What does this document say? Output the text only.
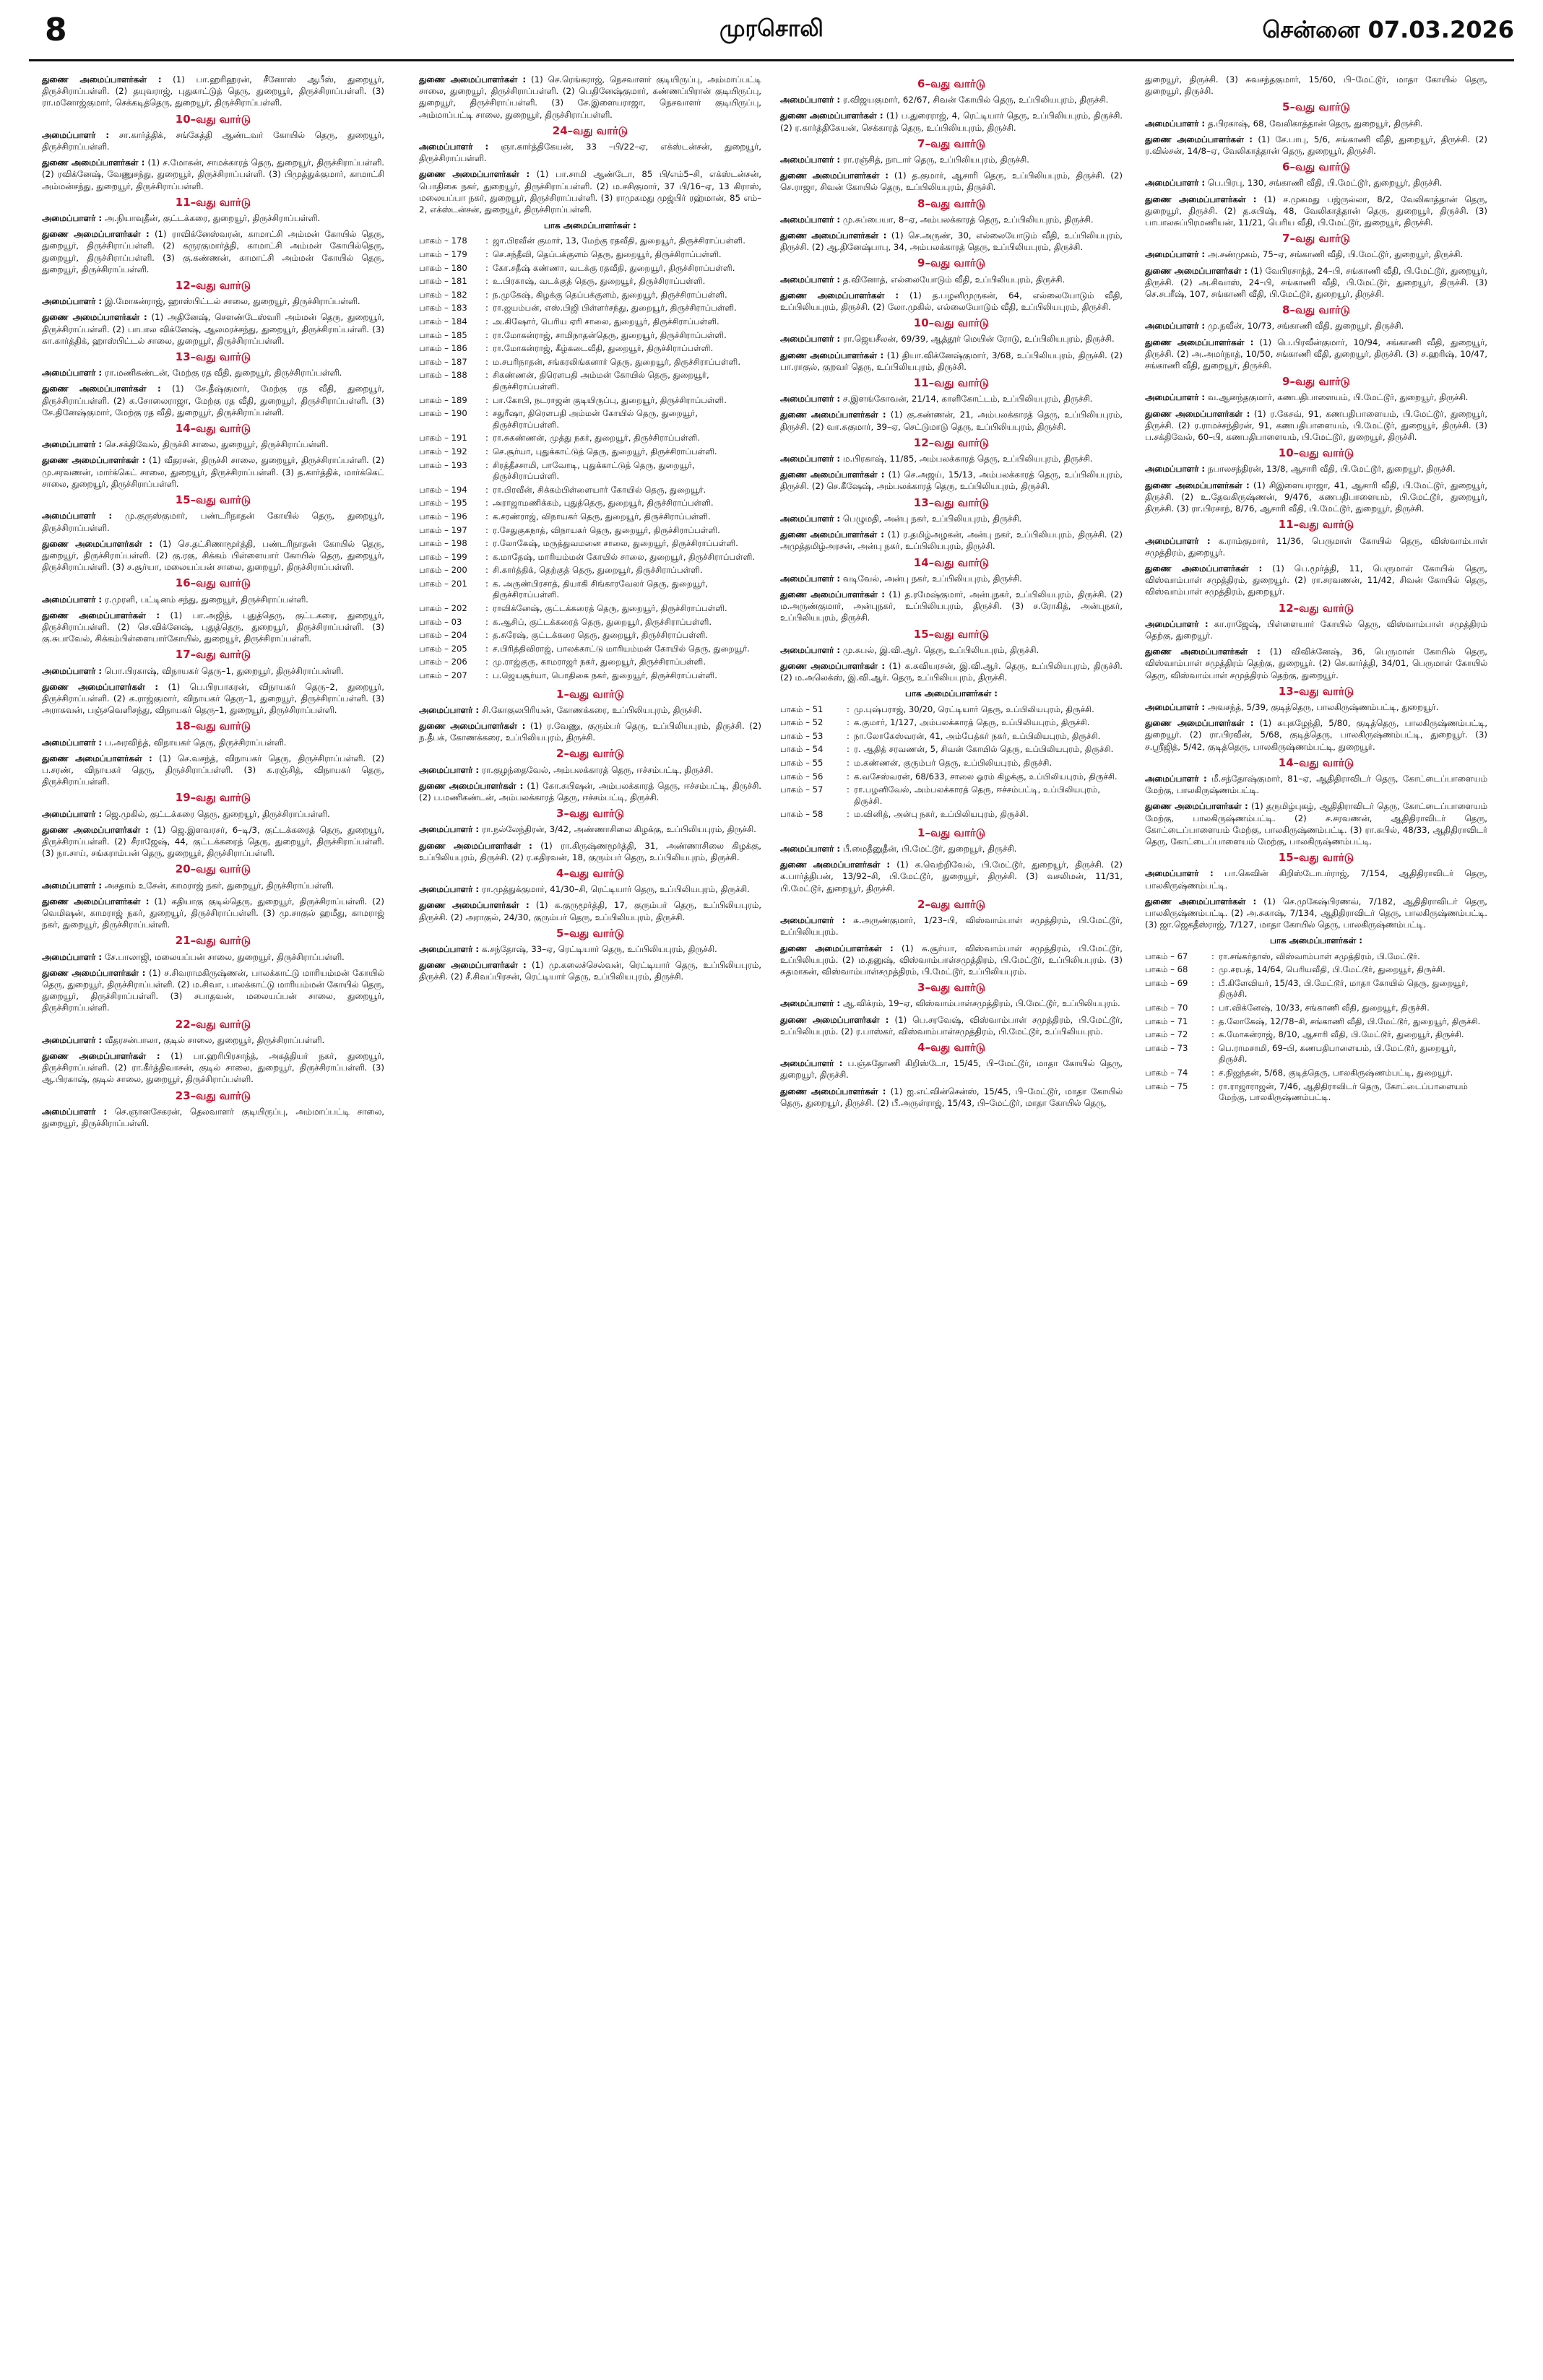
8	முரசொலி	சென்னை 07.03.2026

துணை அமைப்பாளர்கள் : (1) பா.ஹரிஹரன், சீனோஸ் ஆபீஸ், துறையூர், திருச்சிராப்பள்ளி. (2) தயுவராஜ், புதுகாட்டுத் தெரு, துறையூர், திருச்சிராப்பள்ளி. (3) ரா.மனோஜ்குமார், செக்கடித்தெரு, துறையூர், திருச்சிராப்பள்ளி.

10–வது வார்டு

அமைப்பாளர் : சா.கார்த்திக், சங்கேத்தி ஆண்டவர் கோயில் தெரு, துறையூர், திருச்சிராப்பள்ளி.

துணை அமைப்பாளர்கள் : (1) ச.மோகன், சாமக்காரத் தெரு, துறையூர், திருச்சிராப்பள்ளி. (2) ரவிக்னேஷ், வேணுசந்து, துறையூர், திருச்சிராப்பள்ளி. (3) பிமுத்துக்குமார், காமாட்சி அம்மன்சந்து, துறையூர், திருச்சிராப்பள்ளி.

11–வது வார்டு

அமைப்பாளர் : அ.நியாவுதீன், குட்டக்கரை, துறையூர், திருச்சிராப்பள்ளி.

துணை அமைப்பாளர்கள் : (1) ராவிக்னேஸ்வரன், காமாட்சி அம்மன் கோயில் தெரு, துறையூர், திருச்சிராப்பள்ளி. (2) கருரகுமார்த்தி, காமாட்சி அம்மன் கோயில்தெரு, துறையூர், திருச்சிராப்பள்ளி. (3) கு.கண்ணன், காமாட்சி அம்மன் கோயில் தெரு, துறையூர், திருச்சிராப்பள்ளி.

12–வது வார்டு

அமைப்பாளர் : இ.மோகன்ராஜ், ஹாஸ்பிட்டல் சாலை, துறையூர், திருச்சிராப்பள்ளி.

துணை அமைப்பாளர்கள் : (1) அதினேஷ், சௌண்டேஸ்வரி அம்மன் தெரு, துறையூர், திருச்சிராப்பள்ளி. (2) பாபால விக்னேஷ், ஆலமரச்சந்து, துறையூர், திருச்சிராப்பள்ளி. (3) கா.கார்த்திக், ஹாஸ்பிட்டல் சாலை, துறையூர், திருச்சிராப்பள்ளி.

13–வது வார்டு

அமைப்பாளர் : ரா.மணிகண்டன், மேற்கு ரத வீதி, துறையூர், திருச்சிராப்பள்ளி.

துணை அமைப்பாளர்கள் : (1) சே.தீஷ்குமார், மேற்கு ரத வீதி, துறையூர், திருச்சிராப்பள்ளி. (2) க.சோலைராஜா, மேற்கு ரத வீதி, துறையூர், திருச்சிராப்பள்ளி. (3) சே.தினேஷ்குமார், மேற்கு ரத வீதி, துறையூர், திருச்சிராப்பள்ளி.

14–வது வார்டு

அமைப்பாளர் : செ.சக்திவேல், திருச்சி சாலை, துறையூர், திருச்சிராப்பள்ளி.

துணை அமைப்பாளர்கள் : (1) வீதரசன், திருச்சி சாலை, துறையூர், திருச்சிராப்பள்ளி. (2) மு.சரவணன், மார்க்கெட் சாலை, துறையூர், திருச்சிராப்பள்ளி. (3) த.கார்த்திக், மார்க்கெட் சாலை, துறையூர், திருச்சிராப்பள்ளி.

15–வது வார்டு

அமைப்பாளர் : மு.குருஸ்குமார், பண்டரிநாதன் கோயில் தெரு, துறையூர், திருச்சிராப்பள்ளி.

துணை அமைப்பாளர்கள் : (1) செ.தட்சிணாமூர்த்தி, பண்டரிநாதன் கோயில் தெரு, துறையூர், திருச்சிராப்பள்ளி. (2) கு.ரகு, சிக்கம் பிள்ளையார் கோயில் தெரு, துறையூர், திருச்சிராப்பள்ளி. (3) ச.சூர்யா, மலையப்பன் சாலை, துறையூர், திருச்சிராப்பள்ளி.

16–வது வார்டு

அமைப்பாளர் : ர.முரளி, பட்டினம் சந்து, துறையூர், திருச்சிராப்பள்ளி.

துணை அமைப்பாளர்கள் : (1) பா.அஜித், புதுத்தெரு, குட்டகரை, துறையூர், திருச்சிராப்பள்ளி. (2) செ.விக்னேஷ், புதுத்தெரு, துறையூர், திருச்சிராப்பள்ளி. (3) கு.சுபாவேல், சிக்கம்பிள்ளையார்கோயில், துறையூர், திருச்சிராப்பள்ளி.

17–வது வார்டு

அமைப்பாளர் : பொ.பிரகாஷ், விநாயகர் தெரு–1, துறையூர், திருச்சிராப்பள்ளி.

துணை அமைப்பாளர்கள் : (1) பெ.பிரபாகரன், விநாயகர் தெரு–2, துறையூர், திருச்சிராப்பள்ளி. (2) க.ராஜ்குமார், விநாயகர் தெரு–1, துறையூர், திருச்சிராப்பள்ளி. (3) அராசுவன், பஞ்சவெளிசந்து, விநாயகர் தெரு–1, துறையூர், திருச்சிராப்பள்ளி.

18–வது வார்டு

அமைப்பாளர் : ப.அரவிந்த், விநாயகர் தெரு, திருச்சிராப்பள்ளி.

துணை அமைப்பாளர்கள் : (1) செ.வசந்த், விநாயகர் தெரு, திருச்சிராப்பள்ளி. (2) ப.சரண், விநாயகர் தெரு, திருச்சிராப்பள்ளி. (3) க.ரஞ்சித், விநாயகர் தெரு, திருச்சிராப்பள்ளி.

19–வது வார்டு

அமைப்பாளர் : ஜெ.முகில், குட்டக்கரை தெரு, துறையூர், திருச்சிராப்பள்ளி.

துணை அமைப்பாளர்கள் : (1) ஜெ.இளவரசர், 6–டி/3, குட்டக்கரைத் தெரு, துறையூர், திருச்சிராப்பள்ளி. (2) சீராஜேஷ், 44, குட்டக்கரைத் தெரு, துறையூர், திருச்சிராப்பள்ளி. (3) நா.சாய், சங்கராம்பன் தெரு, துறையூர், திருச்சிராப்பள்ளி.

20–வது வார்டு

அமைப்பாளர் : அசதாம் உசேன், காமராஜ் நகர், துறையூர், திருச்சிராப்பள்ளி.

துணை அமைப்பாளர்கள் : (1) கதியாகு குடில்தெரு, துறையூர், திருச்சிராப்பள்ளி. (2) வெமிஷன், காமராஜ் நகர், துறையூர், திருச்சிராப்பள்ளி. (3) மு.சாகுல் ஹமீது, காமராஜ் நகர், துறையூர், திருச்சிராப்பள்ளி.

21–வது வார்டு

அமைப்பாளர் : சே.பாலாஜி, மலையப்பன் சாலை, துறையூர், திருச்சிராப்பள்ளி.

துணை அமைப்பாளர்கள் : (1) ச.சிவராமகிருஷ்ணன், பாலக்காட்டு மாரியம்மன் கோயில் தெரு, துறையூர், திருச்சிராப்பள்ளி. (2) ம.சிவா, பாலக்காட்டு மாரியம்மன் கோயில் தெரு, துறையூர், திருச்சிராப்பள்ளி. (3) சபாதவன், மலையப்பன் சாலை, துறையூர், திருச்சிராப்பள்ளி.

22–வது வார்டு

அமைப்பாளர் : வீதரசன்பாலா, குடில் சாலை, துறையூர், திருச்சிராப்பள்ளி.

துணை அமைப்பாளர்கள் : (1) பா.ஹரிபிரசாந்த், அகத்தியர் நகர், துறையூர், திருச்சிராப்பள்ளி. (2) ரா.கீர்த்திவாசன், குடில் சாலை, துறையூர், திருச்சிராப்பள்ளி. (3) ஆ.பிரகாஷ், குடில் சாலை, துறையூர், திருச்சிராப்பள்ளி.

23–வது வார்டு

அமைப்பாளர் : செ.ஞானசேகரன், தெலவாளர் குடியிருப்பு, அம்மாப்பட்டி சாலை, துறையூர், திருச்சிராப்பள்ளி.

துணை அமைப்பாளர்கள் : (1) செ.ரெங்கராஜ், நெசவாளர் குடியிருப்பு, அம்மாப்பட்டி சாலை, துறையூர், திருச்சிராப்பள்ளி. (2) பெதினேஷ்குமார், கண்ணப்பிரான் குடியிருப்பு, துறையூர், திருச்சிராப்பள்ளி. (3) சே.இளையராஜா, நெசவாளர் குடியிருப்பு, அம்மாப்பட்டி சாலை, துறையூர், திருச்சிராப்பள்ளி.

24–வது வார்டு

அமைப்பாளர் : ஞா.கார்த்திகேயன், 33 –பி/22–ஏ, எக்ஸ்டன்சன், துறையூர், திருச்சிராப்பள்ளி.

துணை அமைப்பாளர்கள் : (1) பா.சாமி ஆண்டோ, 85 பி/எம்5–சி, எக்ஸ்டன்சன், பொதிகை நகர், துறையூர், திருச்சிராப்பள்ளி. (2) ம.சசிகுமார், 37 பி/16–ஏ, 13 கிராஸ், மலையப்பா நகர், துறையூர், திருச்சிராப்பள்ளி. (3) ராமுகமது முஜ்பிர் ரஹ்மான், 85 எம்–2, எக்ஸ்டன்சன், துறையூர், திருச்சிராப்பள்ளி.

பாக அமைப்பாளர்கள் :
பாகம் – 178	:	ஜா.பிரவீன் குமார், 13, மேற்கு ரதவீதி, துறையூர், திருச்சிராப்பள்ளி.
பாகம் – 179	:	செ.சந்தீவி, தெப்பக்குளம் தெரு, துறையூர், திருச்சிராப்பள்ளி.
பாகம் – 180	:	கோ.சதீஷ் கண்ணா, வடக்கு ரதவீதி, துறையூர், திருச்சிராப்பள்ளி.
பாகம் – 181	:	உ.பிரகாஷ், வடக்குத் தெரு, துறையூர், திருச்சிராப்பள்ளி.
பாகம் – 182	:	ந.முகேஷ், கிழக்கு தெப்பக்குளம், துறையூர், திருச்சிராப்பள்ளி.
பாகம் – 183	:	ரா.ஜயம்பன், எஸ்.பிஜி பிள்ளர்சந்து, துறையூர், திருச்சிராப்பள்ளி.
பாகம் – 184	:	அ.கிஷோர், பெரிய ஏரி சாலை, துறையூர், திருச்சிராப்பள்ளி.
பாகம் – 185	:	ரா.மோகன்ராஜ், சாமிநாதன்தெரு, துறையூர், திருச்சிராப்பள்ளி.
பாகம் – 186	:	ரா.மோகன்ராஜ், கீழ்கடைவீதி, துறையூர், திருச்சிராப்பள்ளி.
பாகம் – 187	:	ம.சபரிநாதன், சங்கரலிங்கனார் தெரு, துறையூர், திருச்சிராப்பள்ளி.
பாகம் – 188	:	சிகண்ணன், திரௌபதி அம்மன் கோயில் தெரு, துறையூர், திருச்சிராப்பள்ளி.
பாகம் – 189	:	பா.கோபி, நடராஜன் குடியிருப்பு, துறையூர், திருச்சிராப்பள்ளி.
பாகம் – 190	:	சதுரீஷா, திரௌபதி அம்மன் கோயில் தெரு, துறையூர், திருச்சிராப்பள்ளி.
பாகம் – 191	:	ரா.சுகண்ணன், முத்து நகர், துறையூர், திருச்சிராப்பள்ளி.
பாகம் – 192	:	செ.சூர்யா, புதுக்காட்டுத் தெரு, துறையூர், திருச்சிராப்பள்ளி.
பாகம் – 193	:	சிரத்தீசசாமி, பாவோடி, புதுக்காட்டுத் தெரு, துறையூர், திருச்சிராப்பள்ளி.
பாகம் – 194	:	ரா.பிரவீன், சிக்கம்பிள்ளையார் கோயில் தெரு, துறையூர்.
பாகம் – 195	:	அராஜாமணிக்கம், புதுத்தெரு, துறையூர், திருச்சிராப்பள்ளி.
பாகம் – 196	:	க.சரண்ராஜ், விநாயகர் தெரு, துறையூர், திருச்சிராப்பள்ளி.
பாகம் – 197	:	ர.சேதுகுகநாத், விநாயகர் தெரு, துறையூர், திருச்சிராப்பள்ளி.
பாகம் – 198	:	ர.லோகேஷ், மருத்துவமனை சாலை, துறையூர், திருச்சிராப்பள்ளி.
பாகம் – 199	:	க.மாதேஷ், மாரியம்மன் கோயில் சாலை, துறையூர், திருச்சிராப்பள்ளி.
பாகம் – 200	:	சி.கார்த்திக், தெற்குத் தெரு, துறையூர், திருச்சிராப்பள்ளி.
பாகம் – 201	:	க. அருண்பிரசாத், தியாகி சிங்காரவேலர் தெரு, துறையூர், திருச்சிராப்பள்ளி.
பாகம் – 202	:	ராவிக்னேஷ், குட்டக்கரைத் தெரு, துறையூர், திருச்சிராப்பள்ளி.
பாகம் – 03	:	க.ஆசிப், குட்டக்கரைத் தெரு, துறையூர், திருச்சிராப்பள்ளி.
பாகம் – 204	:	த.சுரேஷ், குட்டக்கரை தெரு, துறையூர், திருச்சிராப்பள்ளி.
பாகம் – 205	:	ச.பிரித்திவிராஜ், பாலக்காட்டு மாரியம்மன் கோயில் தெரு, துறையூர்.
பாகம் – 206	:	மு.ராஜ்குரு, காமராஜர் நகர், துறையூர், திருச்சிராப்பள்ளி.
பாகம் – 207	:	ப.ஜெயசூர்யா, பொதிகை நகர், துறையூர், திருச்சிராப்பள்ளி.
1–வது வார்டு

அமைப்பாளர் : சி.கோகுலபிரியன், கோணக்கரை, உப்பிலியபுரம், திருச்சி.

துணை அமைப்பாளர்கள் : (1) ர.வேணு, குரும்பர் தெரு, உப்பிலியபுரம், திருச்சி. (2) ந.தீபக், கோணக்கரை, உப்பிலியபுரம், திருச்சி.

2–வது வார்டு

அமைப்பாளர் : ரா.குழந்தைவேல், அம்பலக்காரத் தெரு, ஈச்சம்பட்டி, திருச்சி.

துணை அமைப்பாளர்கள் : (1) கோ.சுபிஷன், அம்பலக்காரத் தெரு, ஈச்சம்பட்டி, திருச்சி. (2) ப.மணிகண்டன், அம்பலக்காரத் தெரு, ஈச்சம்பட்டி, திருச்சி.

3–வது வார்டு

அமைப்பாளர் : ரா.நல்லேந்திரன், 3/42, அண்ணாசிலை கிழக்கு, உப்பிலியபுரம், திருச்சி.

துணை அமைப்பாளர்கள் : (1) ரா.கிருஷ்ணமூர்த்தி, 31, அண்ணாசிலை கிழக்கு, உப்பிலியபுரம், திருச்சி. (2) ர.கதிரவன், 18, குரும்பர் தெரு, உப்பிலியபுரம், திருச்சி.

4–வது வார்டு

அமைப்பாளர் : ரா.முத்துக்குமார், 41/30–சி, ரெட்டியார் தெரு, உப்பிலியபுரம், திருச்சி.

துணை அமைப்பாளர்கள் : (1) க.குருமூர்த்தி, 17, குரும்பர் தெரு, உப்பிலியபுரம், திருச்சி. (2) அராகுல், 24/30, குரும்பர் தெரு, உப்பிலியபுரம், திருச்சி.

5–வது வார்டு

அமைப்பாளர் : க.சந்தோஷ், 33–ஏ, ரெட்டியார் தெரு, உப்பிலியபுரம், திருச்சி.

துணை அமைப்பாளர்கள் : (1) மு.கலைச்செல்வன், ரெட்டியார் தெரு, உப்பிலியபுரம், திருச்சி. (2) சீ.சிவப்பிரசன், ரெட்டியார் தெரு, உப்பிலியபுரம், திருச்சி.

6–வது வார்டு

அமைப்பாளர் : ர.விஜயகுமார், 62/67, சிவன் கோயில் தெரு, உப்பிலியபுரம், திருச்சி.

துணை அமைப்பாளர்கள் : (1) ப.துரைராஜ், 4, ரெட்டியார் தெரு, உப்பிலியபுரம், திருச்சி. (2) ர.கார்த்திகேயன், செக்காரத் தெரு, உப்பிலியபுரம், திருச்சி.

7–வது வார்டு

அமைப்பாளர் : ரா.ரஞ்சித், நாடார் தெரு, உப்பிலியபுரம், திருச்சி.

துணை அமைப்பாளர்கள் : (1) த.குமார், ஆசாரி தெரு, உப்பிலியபுரம், திருச்சி. (2) செ.ராஜா, சிவன் கோயில் தெரு, உப்பிலியபுரம், திருச்சி.

8–வது வார்டு

அமைப்பாளர் : மு.சுப்பையா, 8–ஏ, அம்பலக்காரத் தெரு, உப்பிலியபுரம், திருச்சி.

துணை அமைப்பாளர்கள் : (1) செ.அருண், 30, எல்லையோடும் வீதி, உப்பிலியபுரம், திருச்சி. (2) ஆ.தினேஷ்பாபு, 34, அம்பலக்காரத் தெரு, உப்பிலியபுரம், திருச்சி.

9–வது வார்டு

அமைப்பாளர் : த.வினோத், எல்லையோடும் வீதி, உப்பிலியபுரம், திருச்சி.

துணை அமைப்பாளர்கள் : (1) த.பழனிமுருகன், 64, எல்லையோடும் வீதி, உப்பிலியபுரம், திருச்சி. (2) லோ.முகில், எல்லையோடும் வீதி, உப்பிலியபுரம், திருச்சி.

10–வது வார்டு

அமைப்பாளர் : ரா.ஜெயசீலன், 69/39, ஆத்தூர் மெயின் ரோடு, உப்பிலியபுரம், திருச்சி.

துணை அமைப்பாளர்கள் : (1) தியா.விக்னேஷ்குமார், 3/68, உப்பிலியபுரம், திருச்சி. (2) பா.ராகுல், குறவர் தெரு, உப்பிலியபுரம், திருச்சி.

11–வது வார்டு

அமைப்பாளர் : ச.இளங்கோவன், 21/14, காளிகோட்டம், உப்பிலியபுரம், திருச்சி.

துணை அமைப்பாளர்கள் : (1) கு.கண்ணன், 21, அம்பலக்காரத் தெரு, உப்பிலியபுரம், திருச்சி. (2) வா.சுகுமார், 39–ஏ, செட்டுமாடு தெரு, உப்பிலியபுரம், திருச்சி.

12–வது வார்டு

அமைப்பாளர் : ம.பிரகாஷ், 11/85, அம்பலக்காரத் தெரு, உப்பிலியபுரம், திருச்சி.

துணை அமைப்பாளர்கள் : (1) செ.அஜய், 15/13, அம்பலக்காரத் தெரு, உப்பிலியபுரம், திருச்சி. (2) செ.கீஷேஷ், அம்பலக்காரத் தெரு, உப்பிலியபுரம், திருச்சி.

13–வது வார்டு

அமைப்பாளர் : பெழுமதி, அன்பு நகர், உப்பிலியபுரம், திருச்சி.

துணை அமைப்பாளர்கள் : (1) ர.தமிழ்அழகன், அன்பு நகர், உப்பிலியபுரம், திருச்சி. (2) அமுத்தமிழ்அரசன், அன்பு நகர், உப்பிலியபுரம், திருச்சி.

14–வது வார்டு

அமைப்பாளர் : வடிவேல், அன்பு நகர், உப்பிலியபுரம், திருச்சி.

துணை அமைப்பாளர்கள் : (1) த.ரமேஷ்குமார், அன்புநகர், உப்பிலியபுரம், திருச்சி. (2) ம.அருண்குமார், அன்புநகர், உப்பிலியபுரம், திருச்சி. (3) ச.ரோகித், அன்புநகர், உப்பிலியபுரம், திருச்சி.

15–வது வார்டு

அமைப்பாளர் : மு.சுபல், இ.வி.ஆர். தெரு, உப்பிலியபுரம், திருச்சி.

துணை அமைப்பாளர்கள் : (1) க.சுவியரசன், இ.வி.ஆர். தெரு, உப்பிலியபுரம், திருச்சி. (2) ம.அலெக்ஸ், இ.வி.ஆர். தெரு, உப்பிலியபுரம், திருச்சி.

பாக அமைப்பாளர்கள் :
பாகம் – 51	:	மு.புஷ்பராஜ், 30/20, ரெட்டியார் தெரு, உப்பிலியபுரம், திருச்சி.
பாகம் – 52	:	க.குமார், 1/127, அம்பலக்காரத் தெரு, உப்பிலியபுரம், திருச்சி.
பாகம் – 53	:	நா.லோகேஸ்வரன், 41, அம்பேத்கர் நகர், உப்பிலியபுரம், திருச்சி.
பாகம் – 54	:	ர. ஆதித் சரவணன், 5, சிவன் கோயில் தெரு, உப்பிலியபுரம், திருச்சி.
பாகம் – 55	:	ம.கண்ணன், குரும்பர் தெரு, உப்பிலியபுரம், திருச்சி.
பாகம் – 56	:	க.வசேஸ்வரன், 68/633, சாலை ஓரம் கிழக்கு, உப்பிலியபுரம், திருச்சி.
பாகம் – 57	:	ரா.பழனிவேல், அம்பலக்காரத் தெரு, ஈச்சம்பட்டி, உப்பிலியபுரம், திருச்சி.
பாகம் – 58	:	ம.வினித், அன்பு நகர், உப்பிலியபுரம், திருச்சி.
1–வது வார்டு

அமைப்பாளர் : பீ.மைதீனுதீன், பி.மேட்டூர், துறையூர், திருச்சி.

துணை அமைப்பாளர்கள் : (1) க.வெற்றிவேல், பி.மேட்டூர், துறையூர், திருச்சி. (2) க.பார்த்திபன், 13/92–சி, பி.மேட்டூர், துறையூர், திருச்சி. (3) வசலிமன், 11/31, பி.மேட்டூர், துறையூர், திருச்சி.

2–வது வார்டு

அமைப்பாளர் : சு.அருண்குமார், 1/23–பி, விஸ்வாம்பாள் சமுத்திரம், பி.மேட்டூர், உப்பிலியபுரம்.

துணை அமைப்பாளர்கள் : (1) சு.சூர்யா, விஸ்வாம்பாள் சமுத்திரம், பி.மேட்டூர், உப்பிலியபுரம். (2) ம.தனுஷ், விஸ்வாம்பாள்சமுத்திரம், பி.மேட்டூர், உப்பிலியபுரம். (3) சுதமாகன், விஸ்வாம்பாள்சமுத்திரம், பி.மேட்டூர், உப்பிலியபுரம்.

3–வது வார்டு

அமைப்பாளர் : ஆ.விக்ரம், 19–ஏ, விஸ்வாம்பாள்சமுத்திரம், பி.மேட்டூர், உப்பிலியபுரம்.

துணை அமைப்பாளர்கள் : (1) பெ.சரவேஷ், விஸ்வாம்பாள் சமுத்திரம், பி.மேட்டூர், உப்பிலியபுரம். (2) ர.பாஸ்கர், விஸ்வாம்பாள்சமுத்திரம், பி.மேட்டூர், உப்பிலியபுரம்.

4–வது வார்டு

அமைப்பாளர் : ப.ஞ்சுதோணி கிறிஸ்டோ, 15/45, பி–மேட்டூர், மாதா கோயில் தெரு, துறையூர், திருச்சி.

துணை அமைப்பாளர்கள் : (1) ஐ.எட்வின்சென்ஸ், 15/45, பி–மேட்டூர், மாதா கோயில் தெரு, துறையூர், திருச்சி. (2) பீ.அருள்ராஜ், 15/43, பி–மேட்டூர், மாதா கோயில் தெரு,

துறையூர், திருச்சி. (3) சுவசந்தகுமார், 15/60, பி–மேட்டூர், மாதா கோயில் தெரு, துறையூர், திருச்சி.

5–வது வார்டு

அமைப்பாளர் : த.பிரகாஷ், 68, வேலிகாத்தான் தெரு, துறையூர், திருச்சி.

துணை அமைப்பாளர்கள் : (1) சே.பாபு, 5/6, சங்காணி வீதி, துறையூர், திருச்சி. (2) ர.வில்சன், 14/8–ஏ, வேலிகாத்தான் தெரு, துறையூர், திருச்சி.

6–வது வார்டு

அமைப்பாளர் : பெ.பிரபு, 130, சங்காணி வீதி, பி.மேட்டூர், துறையூர், திருச்சி.

துணை அமைப்பாளர்கள் : (1) ச.முகமது பஜ்ருல்லா, 8/2, வேலிகாத்தான் தெரு, துறையூர், திருச்சி. (2) த.சுபிஷ், 48, வேலிகாத்தான் தெரு, துறையூர், திருச்சி. (3) பாபாலசுப்பிரமணியன், 11/21, பெரிய வீதி, பி.மேட்டூர், துறையூர், திருச்சி.

7–வது வார்டு

அமைப்பாளர் : அ.சண்முகம், 75–ஏ, சங்காணி வீதி, பி.மேட்டூர், துறையூர், திருச்சி.

துணை அமைப்பாளர்கள் : (1) வேபிரசாந்த், 24–பி, சங்காணி வீதி, பி.மேட்டூர், துறையூர், திருச்சி. (2) அ.சிவாஸ், 24–பி, சங்காணி வீதி, பி.மேட்டூர், துறையூர், திருச்சி. (3) செ.சபரீஷ், 107, சங்காணி வீதி, பி.மேட்டூர், துறையூர், திருச்சி.

8–வது வார்டு

அமைப்பாளர் : மு.நவீன், 10/73, சங்காணி வீதி, துறையூர், திருச்சி.

துணை அமைப்பாளர்கள் : (1) பெ.பிரவீன்குமார், 10/94, சங்காணி வீதி, துறையூர், திருச்சி. (2) அ.அமர்நாத், 10/50, சங்காணி வீதி, துறையூர், திருச்சி. (3) ச.ஹரிஷ், 10/47, சங்காணி வீதி, துறையூர், திருச்சி.

9–வது வார்டு

அமைப்பாளர் : வ.ஆனந்தகுமார், கணபதிபாளையம், பி.மேட்டூர், துறையூர், திருச்சி.

துணை அமைப்பாளர்கள் : (1) ர.கேசவ், 91, கணபதிபாளையம், பி.மேட்டூர், துறையூர், திருச்சி. (2) ர.ராமச்சந்திரன், 91, கணபதிபாளையம், பி.மேட்டூர், துறையூர், திருச்சி. (3) ப.சக்திவேல், 60–பி, கணபதிபாளையம், பி.மேட்டூர், துறையூர், திருச்சி.

10–வது வார்டு

அமைப்பாளர் : நபாலசந்திரன், 13/8, ஆசாரி வீதி, பி.மேட்டூர், துறையூர், திருச்சி.

துணை அமைப்பாளர்கள் : (1) சிஇளையராஜா, 41, ஆசாரி வீதி, பி.மேட்டூர், துறையூர், திருச்சி. (2) உ.தேவகிருஷ்ணன், 9/476, கணபதிபாளையம், பி.மேட்டூர், துறையூர், திருச்சி. (3) ரா.பிரசாந், 8/76, ஆசாரி வீதி, பி.மேட்டூர், துறையூர், திருச்சி.

11–வது வார்டு

அமைப்பாளர் : க.ராம்குமார், 11/36, பெருமாள் கோயில் தெரு, விஸ்வாம்பாள் சமுத்திரம், துறையூர்.

துணை அமைப்பாளர்கள் : (1) பெ.மூர்த்தி, 11, பெருமாள் கோயில் தெரு, விஸ்வாம்பாள் சமுத்திரம், துறையூர். (2) ரா.சரவணன், 11/42, சிவன் கோயில் தெரு, விஸ்வாம்பாள் சமுத்திரம், துறையூர்.

12–வது வார்டு

அமைப்பாளர் : கா.ராஜேஷ், பிள்ளையார் கோயில் தெரு, விஸ்வாம்பாள் சமுத்திரம் தெற்கு, துறையூர்.

துணை அமைப்பாளர்கள் : (1) விவிக்னேஷ், 36, பெருமாள் கோயில் தெரு, விஸ்வாம்பாள் சமுத்திரம் தெற்கு, துறையூர். (2) செ.கார்த்தி, 34/01, பெருமாள் கோயில் தெரு, விஸ்வாம்பாள் சமுத்திரம் தெற்கு, துறையூர்.

13–வது வார்டு

அமைப்பாளர் : அவசந்த், 5/39, குடித்தெரு, பாலகிருஷ்ணம்பட்டி, துறையூர்.

துணை அமைப்பாளர்கள் : (1) சுபுகழேந்தி, 5/80, குடித்தெரு, பாலகிருஷ்ணம்பட்டி, துறையூர். (2) ரா.பிரவீன், 5/68, குடித்தெரு, பாலகிருஷ்ணம்பட்டி, துறையூர். (3) ச.ஸ்ரீஜித், 5/42, குடித்தெரு, பாலகிருஷ்ணம்பட்டி, துறையூர்.

14–வது வார்டு

அமைப்பாளர் : மீ.சந்தோஷ்குமார், 81–ஏ, ஆதிதிராவிடர் தெரு, கோட்டைப்பாளையம் மேற்கு, பாலகிருஷ்ணம்பட்டி.

துணை அமைப்பாளர்கள் : (1) தருமிழ்புகழ், ஆதிதிராவிடர் தெரு, கோட்டைப்பாளையம் மேற்கு, பாலகிருஷ்ணம்பட்டி. (2) ச.சரவணன், ஆதிதிராவிடர் தெரு, கோட்டைப்பாளையம் மேற்கு, பாலகிருஷ்ணம்பட்டி. (3) ரா.சுபில், 48/33, ஆதிதிராவிடர் தெரு, கோட்டைப்பாளையம் மேற்கு, பாலகிருஷ்ணம்பட்டி.

15–வது வார்டு

அமைப்பாளர் : பா.கெவின் கிறிஸ்டோபர்ராஜ், 7/154, ஆதிதிராவிடர் தெரு, பாலகிருஷ்ணம்பட்டி.

துணை அமைப்பாளர்கள் : (1) செ.முகேஷ்பிரணவ், 7/182, ஆதிதிராவிடர் தெரு, பாலகிருஷ்ணம்பட்டி. (2) அ.சுகாஷ், 7/134, ஆதிதிராவிடர் தெரு, பாலகிருஷ்ணம்பட்டி. (3) ஜா.ஜெகதீஸ்ராஜ், 7/127, மாதா கோயில் தெரு, பாலகிருஷ்ணம்பட்டி.

பாக அமைப்பாளர்கள் :
பாகம் – 67	:	ரா.சங்கர்தாஸ், விஸ்வாம்பாள் சமுத்திரம், பி.மேட்டூர்.
பாகம் – 68	:	மு.சரபத், 14/64, பெரியவீதி, பி.மேட்டூர், துறையூர், திருச்சி.
பாகம் – 69	:	பீ.கிளேவியர், 15/43, பி.மேட்டூர், மாதா கோயில் தெரு, துறையூர், திருச்சி.
பாகம் – 70	:	பா.விக்னேஷ், 10/33, சங்காணி வீதி, துறையூர், திருச்சி.
பாகம் – 71	:	த.லோகேஷ், 12/78–சி, சங்காணி வீதி, பி.மேட்டூர், துறையூர், திருச்சி.
பாகம் – 72	:	க.மோகன்ராஜ், 8/10, ஆசாரி வீதி, பி.மேட்டூர், துறையூர், திருச்சி.
பாகம் – 73	:	பெ.ராமசாமி, 69–பி, கணபதிபாளையம், பி.மேட்டூர், துறையூர், திருச்சி.
பாகம் – 74	:	ச.நிஜந்தன், 5/68, குடித்தெரு, பாலகிருஷ்ணம்பட்டி, துறையூர்.
பாகம் – 75	:	ரா.ராஜாராஜன், 7/46, ஆதிதிராவிடர் தெரு, கோட்டைப்பாளையம் மேற்கு, பாலகிருஷ்ணம்பட்டி.
